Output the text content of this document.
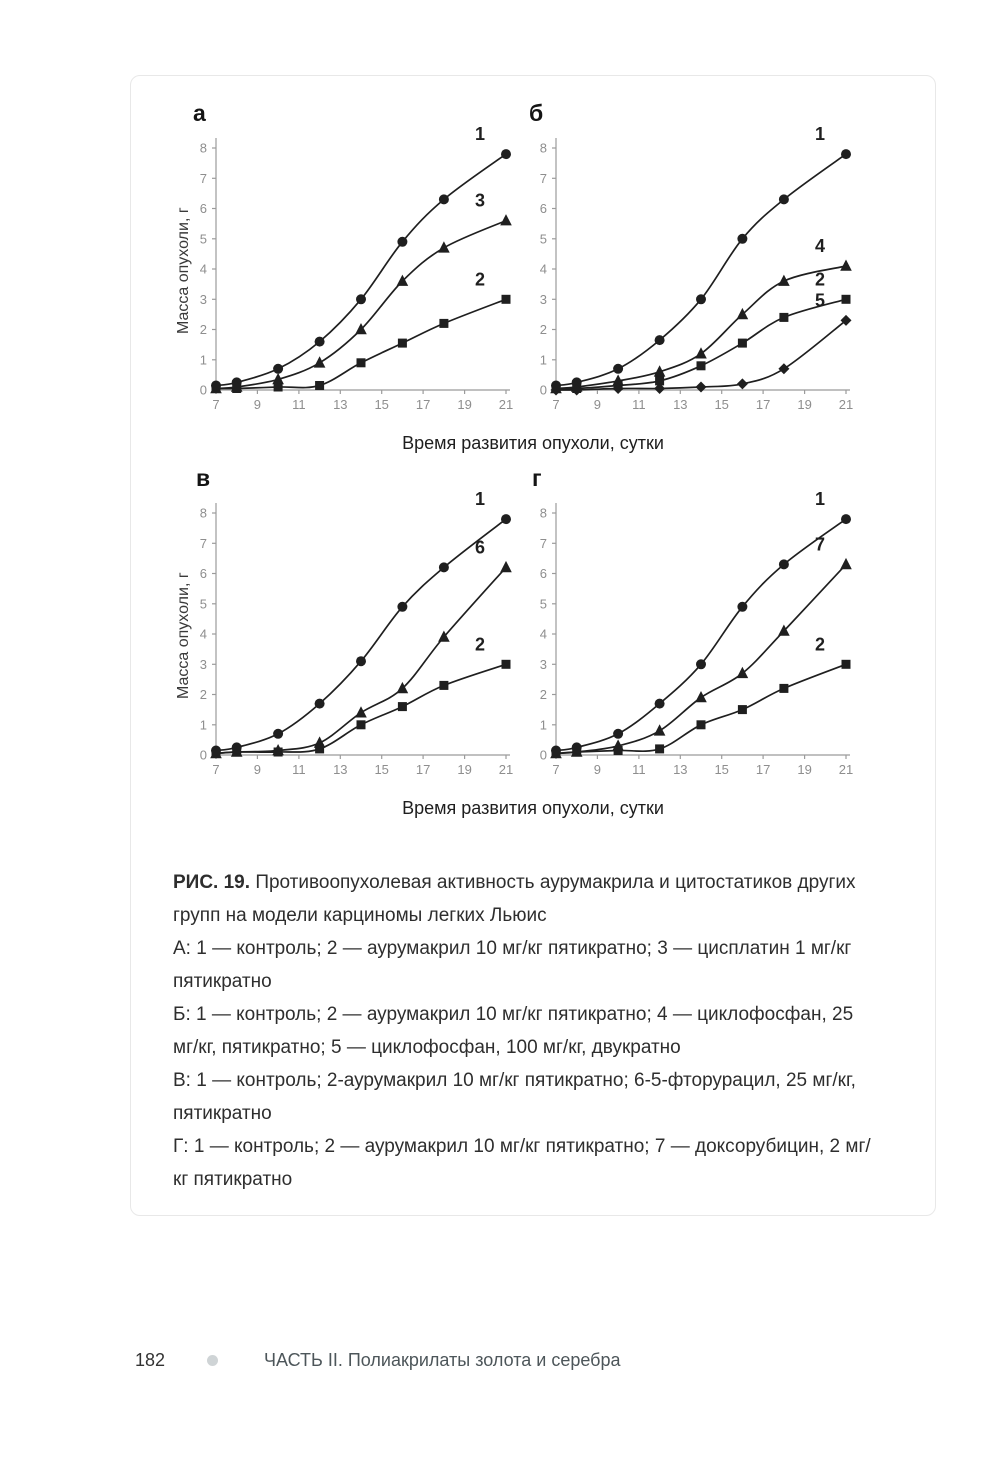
а	б
в	г
Масса опухоли, г
Масса опухоли, г
0
1
2
3
4
5
6
7
8
7	9 11 13 15 17 19 21
1
3
2
0
1
2
3
4
5
6
7
8
7	9 11 13 15 17 19 21
1
4
2
5
0
1
2
3
4
5
6
7
8
7	9 11 13 15 17 19 21
1
6
2
0
1
2
3
4
5
6
7
8
7	9 11 13 15 17 19 21
1
7
2
Время развития опухоли, сутки
Время развития опухоли, сутки

РИС. 19. Противоопухолевая активность аурумакрила и цитостатиков других групп на модели карциномы легких Льюис

А: 1 — контроль; 2 — аурумакрил 10 мг/кг пятикратно; 3 — цисплатин 1 мг/кг пятикратно

Б: 1 — контроль; 2 — аурумакрил 10 мг/кг пятикратно; 4 — циклофосфан, 25 мг/кг, пятикратно; 5 — циклофосфан, 100 мг/кг, двукратно

В: 1 — контроль; 2-аурумакрил 10 мг/кг пятикратно; 6-5-фторурацил, 25 мг/кг, пятикратно

Г: 1 — контроль; 2 — аурумакрил 10 мг/кг пятикратно; 7 — доксорубицин, 2 мг/кг пятикратно

182	ЧАСТЬ II. Полиакрилаты золота и серебра
